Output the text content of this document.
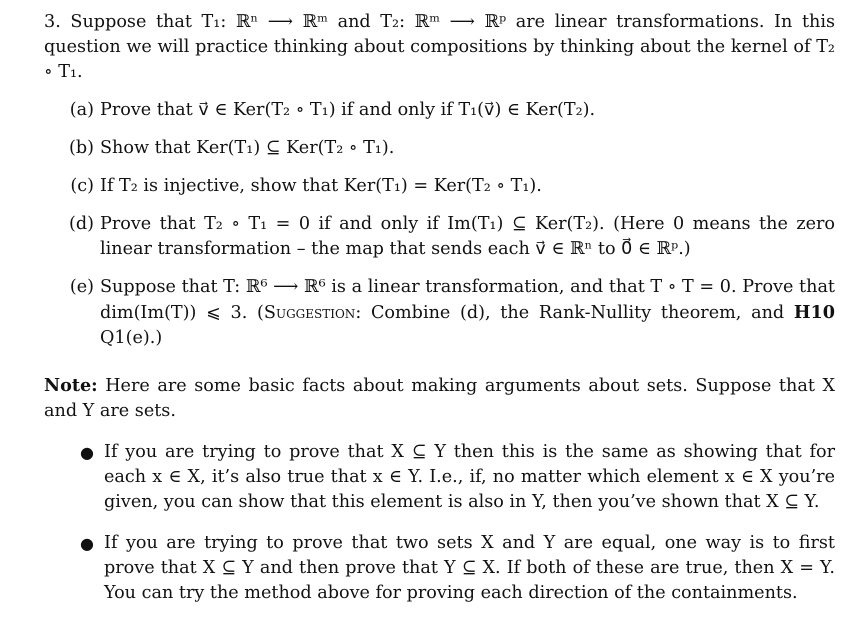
3. Suppose that T₁: ℝⁿ ⟶ ℝᵐ and T₂: ℝᵐ ⟶ ℝᵖ are linear transformations. In this question we will practice thinking about compositions by thinking about the kernel of T₂ ∘ T₁.

(a) Prove that v⃗ ∈ Ker(T₂ ∘ T₁) if and only if T₁(v⃗) ∈ Ker(T₂).
(b) Show that Ker(T₁) ⊆ Ker(T₂ ∘ T₁).
(c) If T₂ is injective, show that Ker(T₁) = Ker(T₂ ∘ T₁).
(d) Prove that T₂ ∘ T₁ = 0 if and only if Im(T₁) ⊆ Ker(T₂). (Here 0 means the zero linear transformation – the map that sends each v⃗ ∈ ℝⁿ to 0⃗ ∈ ℝᵖ.)
(e) Suppose that T: ℝ⁶ ⟶ ℝ⁶ is a linear transformation, and that T ∘ T = 0. Prove that dim(Im(T)) ⩽ 3. (Suggestion: Combine (d), the Rank-Nullity theorem, and H10 Q1(e).)

Note: Here are some basic facts about making arguments about sets. Suppose that X and Y are sets.

● If you are trying to prove that X ⊆ Y then this is the same as showing that for each x ∈ X, it’s also true that x ∈ Y. I.e., if, no matter which element x ∈ X you’re given, you can show that this element is also in Y, then you’ve shown that X ⊆ Y.
● If you are trying to prove that two sets X and Y are equal, one way is to first prove that X ⊆ Y and then prove that Y ⊆ X. If both of these are true, then X = Y. You can try the method above for proving each direction of the containments.
